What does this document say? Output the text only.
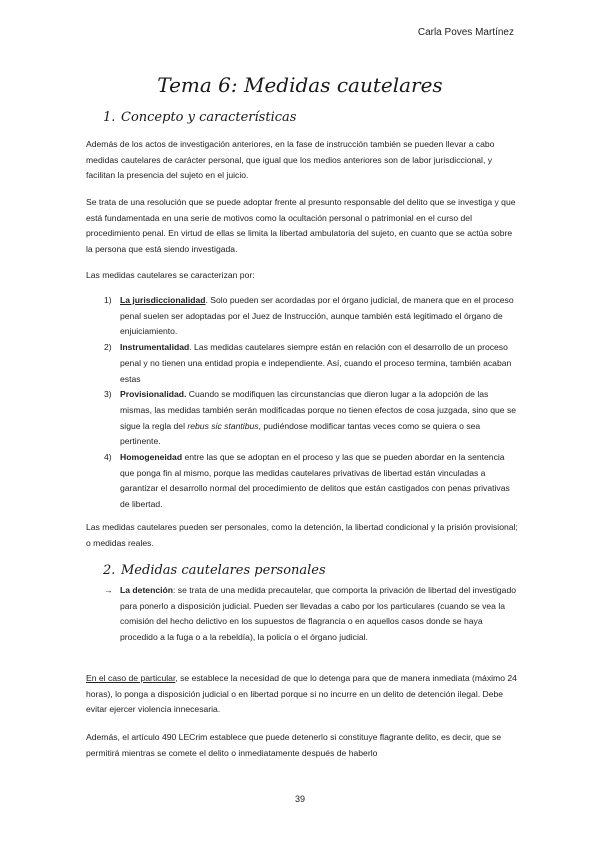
Carla Poves Martínez
Tema 6: Medidas cautelares
1. Concepto y características
Además de los actos de investigación anteriores, en la fase de instrucción también se pueden llevar a cabo medidas cautelares de carácter personal, que igual que los medios anteriores son de labor jurisdiccional, y facilitan la presencia del sujeto en el juicio.
Se trata de una resolución que se puede adoptar frente al presunto responsable del delito que se investiga y que está fundamentada en una serie de motivos como la ocultación personal o patrimonial en el curso del procedimiento penal. En virtud de ellas se limita la libertad ambulatoria del sujeto, en cuanto que se actúa sobre la persona que está siendo investigada.
Las medidas cautelares se caracterizan por:
1) La jurisdiccionalidad. Solo pueden ser acordadas por el órgano judicial, de manera que en el proceso penal suelen ser adoptadas por el Juez de Instrucción, aunque también está legitimado el órgano de enjuiciamiento.
2) Instrumentalidad. Las medidas cautelares siempre están en relación con el desarrollo de un proceso penal y no tienen una entidad propia e independiente. Así, cuando el proceso termina, también acaban estas
3) Provisionalidad. Cuando se modifiquen las circunstancias que dieron lugar a la adopción de las mismas, las medidas también serán modificadas porque no tienen efectos de cosa juzgada, sino que se sigue la regla del rebus sic stantibus, pudiéndose modificar tantas veces como se quiera o sea pertinente.
4) Homogeneidad entre las que se adoptan en el proceso y las que se pueden abordar en la sentencia que ponga fin al mismo, porque las medidas cautelares privativas de libertad están vinculadas a garantizar el desarrollo normal del procedimiento de delitos que están castigados con penas privativas de libertad.
Las medidas cautelares pueden ser personales, como la detención, la libertad condicional y la prisión provisional; o medidas reales.
2. Medidas cautelares personales
→ La detención: se trata de una medida precautelar, que comporta la privación de libertad del investigado para ponerlo a disposición judicial. Pueden ser llevadas a cabo por los particulares (cuando se vea la comisión del hecho delictivo en los supuestos de flagrancia o en aquellos casos donde se haya procedido a la fuga o a la rebeldía), la policía o el órgano judicial.
En el caso de particular, se establece la necesidad de que lo detenga para que de manera inmediata (máximo 24 horas), lo ponga a disposición judicial o en libertad porque si no incurre en un delito de detención ilegal. Debe evitar ejercer violencia innecesaria.
Además, el artículo 490 LECrim establece que puede detenerlo si constituye flagrante delito, es decir, que se permitirá mientras se comete el delito o inmediatamente después de haberlo
39
